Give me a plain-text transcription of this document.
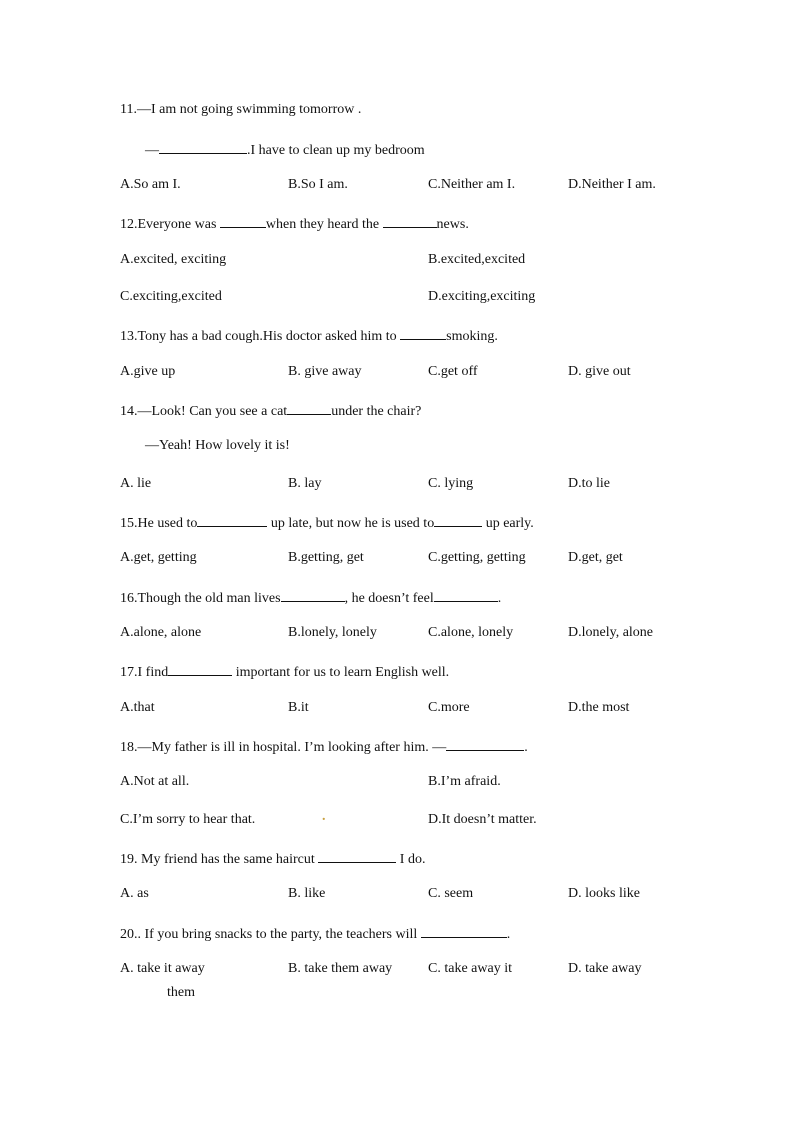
11.—I am not going swimming tomorrow .
—	.I have to clean up my bedroom
A.So am I.	B.So I am.	C.Neither am I.	D.Neither I am.
12.Everyone was	when they heard the	news.
A.excited, exciting	B.excited,excited
C.exciting,excited	D.exciting,exciting
13.Tony has a bad cough.His doctor asked him to	smoking.
A.give up	B. give away	C.get off	D. give out
14.—Look! Can you see a cat	under the chair?
—Yeah! How lovely it is!
A. lie	B. lay	C. lying	D.to lie
15.He used to	up late, but now he is used to	up early.
A.get, getting	B.getting, get	C.getting, getting	D.get, get
16.Though the old man lives	, he doesn’t feel	.
A.alone, alone	B.lonely, lonely	C.alone, lonely	D.lonely, alone
17.I find	important for us to learn English well.
A.that	B.it	C.more	D.the most
18.—My father is ill in hospital. I’m looking after him. —	.
A.Not at all.	B.I’m afraid.
C.I’m sorry to hear that.	.	D.It doesn’t matter.
19. My friend has the same haircut	I do.
A. as	B. like	C. seem	D. looks like
20.. If you bring snacks to the party, the teachers will	.
A. take it away	B. take them away	C. take away it	D. take away
them
